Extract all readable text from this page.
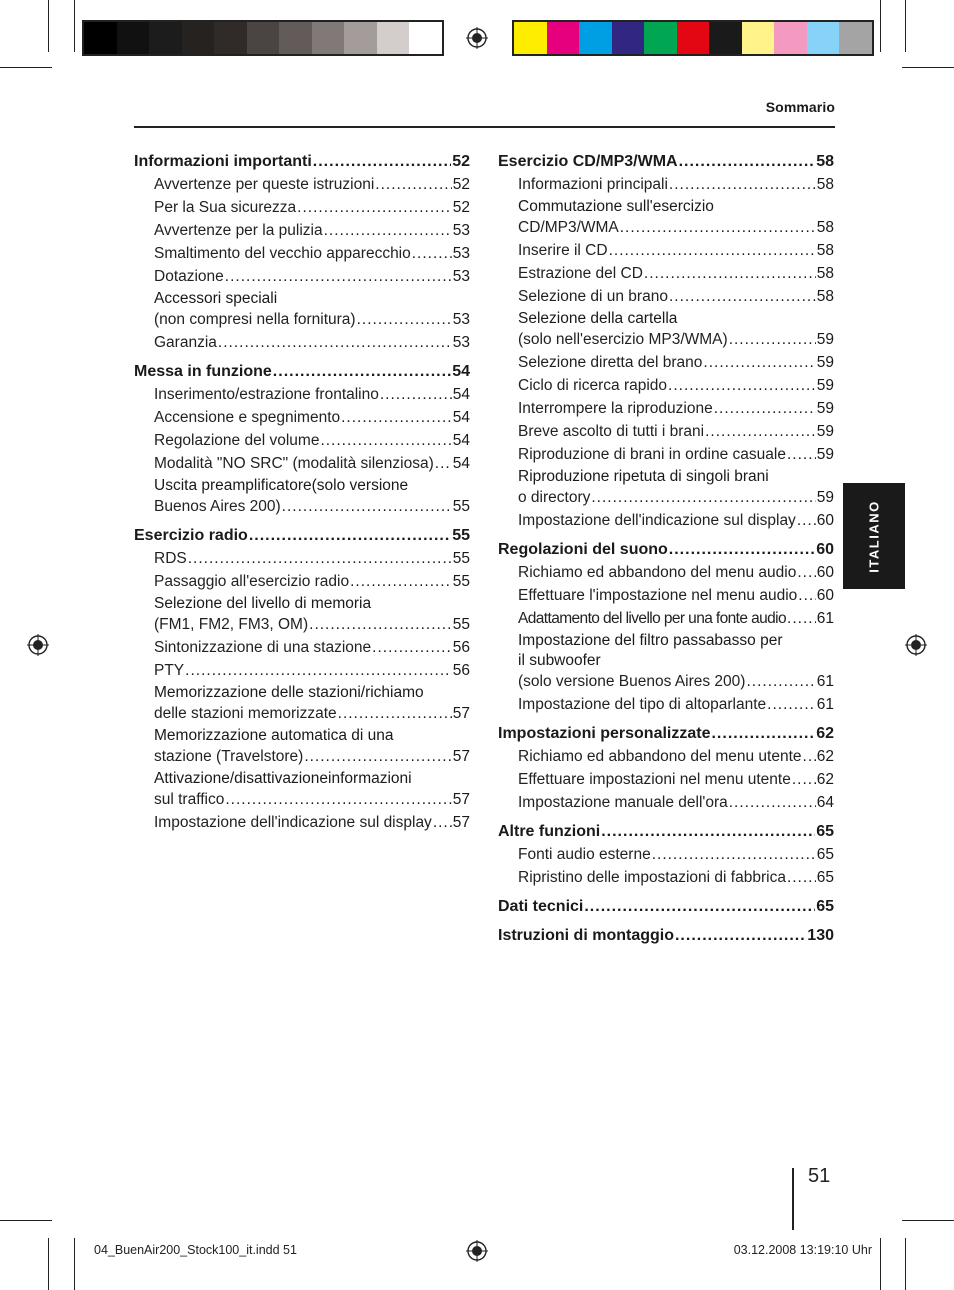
Sommario
ITALIANO
Informazioni importanti .....	52
Avvertenze per queste istruzioni .....	52
Per la Sua sicurezza .....	52
Avvertenze per la pulizia .....	53
Smaltimento del vecchio apparecchio .....	53
Dotazione .....	53
Accessori speciali
(non compresi nella fornitura) .....	53
Garanzia .....	53
Messa in funzione .....	54
Inserimento/estrazione frontalino .....	54
Accensione e spegnimento .....	54
Regolazione del volume .....	54
Modalità "NO SRC" (modalità silenziosa) ..... 54
Uscita preamplificatore(solo versione
Buenos Aires 200) .....	55
Esercizio radio .....	55
RDS .....	55
Passaggio all'esercizio radio .....	55
Selezione del livello di memoria
(FM1, FM2, FM3, OM) .....	55
Sintonizzazione di una stazione .....	56
PTY .....	56
Memorizzazione delle stazioni/richiamo
delle stazioni memorizzate .....	57
Memorizzazione automatica di una
stazione (Travelstore) .....	57
Attivazione/disattivazioneinformazioni
sul traffico .....	57
Impostazione dell'indicazione sul display ..... 57
Esercizio CD/MP3/WMA .....	58
Informazioni principali .....	58
Commutazione sull'esercizio
CD/MP3/WMA .....	58
Inserire il CD .....	58
Estrazione del CD .....	58
Selezione di un brano .....	58
Selezione della cartella
(solo nell'esercizio MP3/WMA) .....	59
Selezione diretta del brano .....	59
Ciclo di ricerca rapido .....	59
Interrompere la riproduzione .....	59
Breve ascolto di tutti i brani .....	59
Riproduzione di brani in ordine casuale ..... 59
Riproduzione ripetuta di singoli brani
o directory .....	59
Impostazione dell'indicazione sul display ..... 60
Regolazioni del suono .....	60
Richiamo ed abbandono del menu audio ..... 60
Effettuare l'impostazione nel menu audio ..... 60
Adattamento del livello per una fonte audio ..... 61
Impostazione del filtro passabasso per
il subwoofer
(solo versione Buenos Aires 200) .....	61
Impostazione del tipo di altoparlante .....	61
Impostazioni personalizzate .....	62
Richiamo ed abbandono del menu utente ..... 62
Effettuare impostazioni nel menu utente ..... 62
Impostazione manuale dell'ora .....	64
Altre funzioni .....	65
Fonti audio esterne .....	65
Ripristino delle impostazioni di fabbrica ..... 65
Dati tecnici .....	65
Istruzioni di montaggio .....	130
51
04_BuenAir200_Stock100_it.indd 51	03.12.2008 13:19:10 Uhr
